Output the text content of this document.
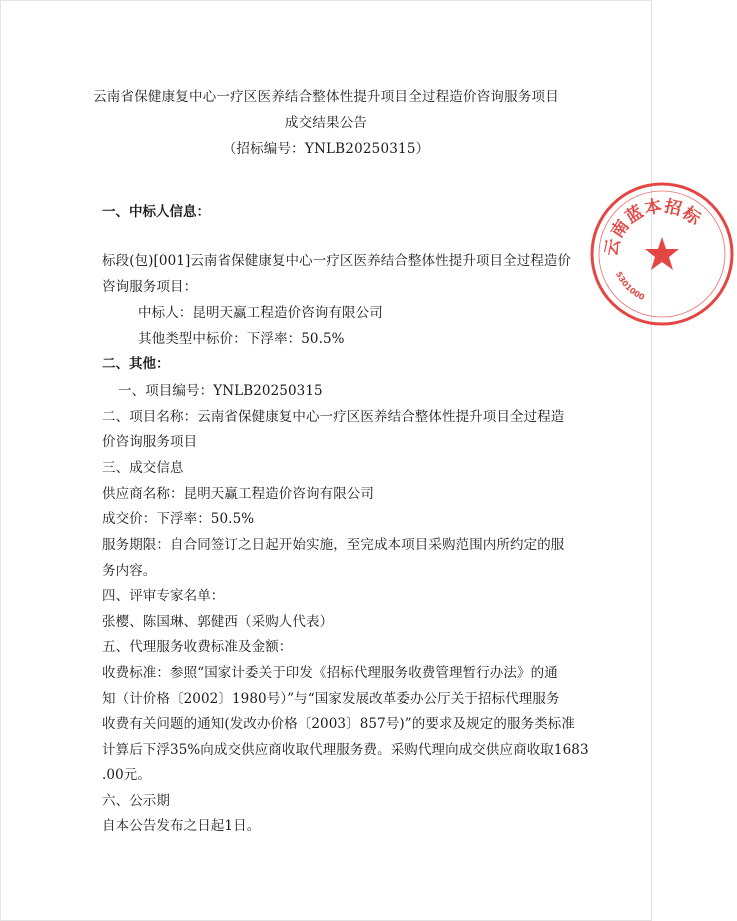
云南省保健康复中心一疗区医养结合整体性提升项目全过程造价咨询服务项目
成交结果公告
（招标编号：YNLB20250315）
一、中标人信息：
标段(包)[001]云南省保健康复中心一疗区医养结合整体性提升项目全过程造价
咨询服务项目：
中标人：昆明天赢工程造价咨询有限公司
其他类型中标价：下浮率：50.5%
二、其他：
一、项目编号：YNLB20250315
二、项目名称：云南省保健康复中心一疗区医养结合整体性提升项目全过程造
价咨询服务项目
三、成交信息
供应商名称：昆明天赢工程造价咨询有限公司
成交价：下浮率：50.5%
服务期限：自合同签订之日起开始实施，至完成本项目采购范围内所约定的服
务内容。
四、评审专家名单：
张樱、陈国琳、郭健西（采购人代表）
五、代理服务收费标准及金额：
收费标准：参照“国家计委关于印发《招标代理服务收费管理暂行办法》的通
知（计价格〔2002〕1980号）”与“国家发展改革委办公厅关于招标代理服务
收费有关问题的通知(发改办价格〔2003〕857号)”的要求及规定的服务类标准
计算后下浮35%向成交供应商收取代理服务费。采购代理向成交供应商收取1683
.00元。
六、公示期
自本公告发布之日起1日。
云南蓝本招标
5301000
